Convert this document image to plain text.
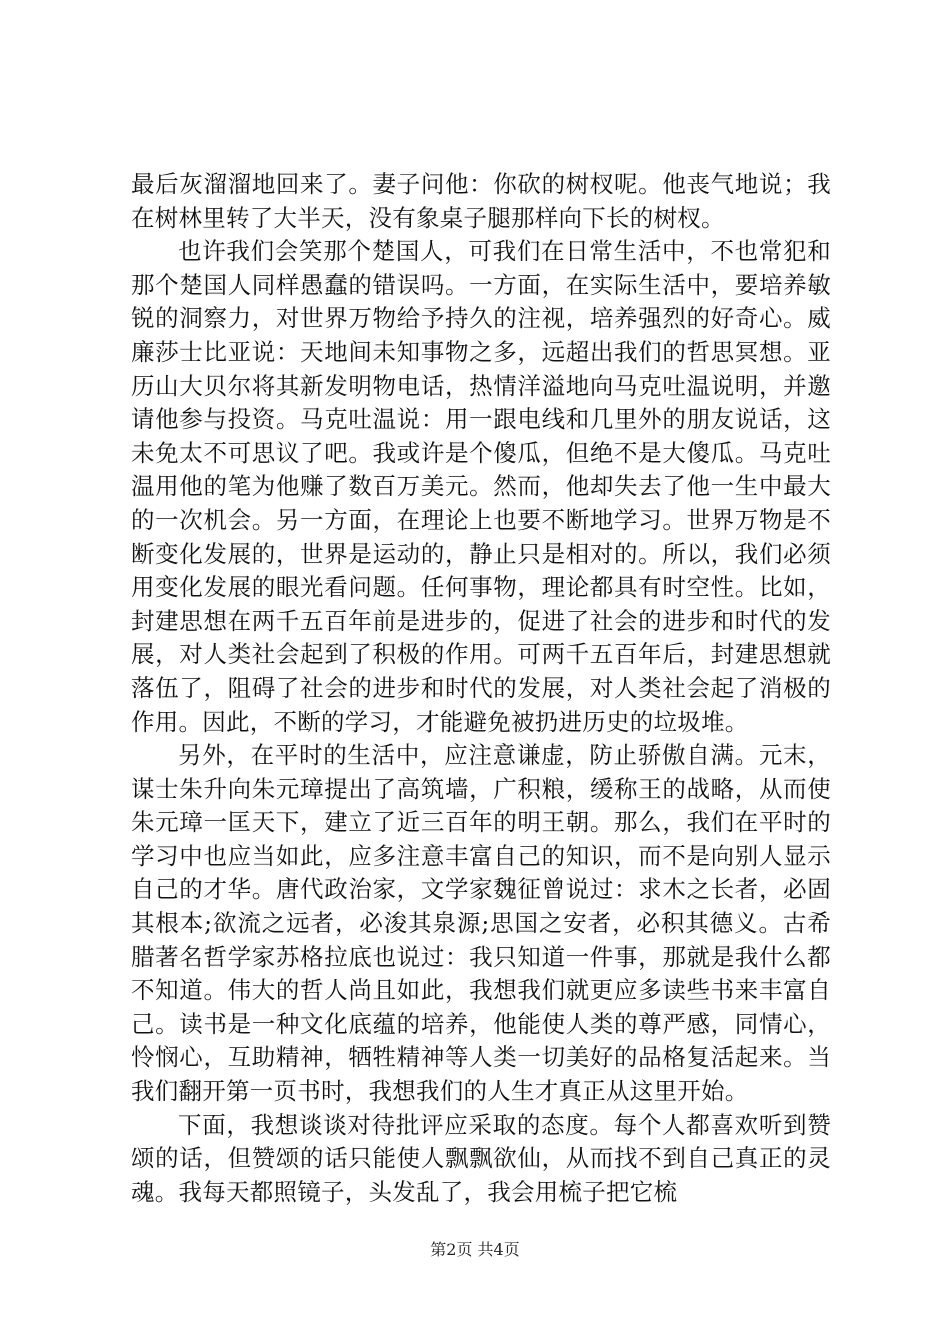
最后灰溜溜地回来了。妻子问他：你砍的树杈呢。他丧气地说；我在树林里转了大半天，没有象桌子腿那样向下长的树杈。

也许我们会笑那个楚国人，可我们在日常生活中，不也常犯和那个楚国人同样愚蠢的错误吗。一方面，在实际生活中，要培养敏锐的洞察力，对世界万物给予持久的注视，培养强烈的好奇心。威廉莎士比亚说：天地间未知事物之多，远超出我们的哲思冥想。亚历山大贝尔将其新发明物电话，热情洋溢地向马克吐温说明，并邀请他参与投资。马克吐温说：用一跟电线和几里外的朋友说话，这未免太不可思议了吧。我或许是个傻瓜，但绝不是大傻瓜。马克吐温用他的笔为他赚了数百万美元。然而，他却失去了他一生中最大的一次机会。另一方面，在理论上也要不断地学习。世界万物是不断变化发展的，世界是运动的，静止只是相对的。所以，我们必须用变化发展的眼光看问题。任何事物，理论都具有时空性。比如，封建思想在两千五百年前是进步的，促进了社会的进步和时代的发展，对人类社会起到了积极的作用。可两千五百年后，封建思想就落伍了，阻碍了社会的进步和时代的发展，对人类社会起了消极的作用。因此，不断的学习，才能避免被扔进历史的垃圾堆。

另外，在平时的生活中，应注意谦虚，防止骄傲自满。元末，谋士朱升向朱元璋提出了高筑墙，广积粮，缓称王的战略，从而使朱元璋一匡天下，建立了近三百年的明王朝。那么，我们在平时的学习中也应当如此，应多注意丰富自己的知识，而不是向别人显示自己的才华。唐代政治家，文学家魏征曾说过：求木之长者，必固其根本;欲流之远者，必浚其泉源;思国之安者，必积其德义。古希腊著名哲学家苏格拉底也说过：我只知道一件事，那就是我什么都不知道。伟大的哲人尚且如此，我想我们就更应多读些书来丰富自己。读书是一种文化底蕴的培养，他能使人类的尊严感，同情心，怜悯心，互助精神，牺牲精神等人类一切美好的品格复活起来。当我们翻开第一页书时，我想我们的人生才真正从这里开始。

下面，我想谈谈对待批评应采取的态度。每个人都喜欢听到赞颂的话，但赞颂的话只能使人飘飘欲仙，从而找不到自己真正的灵魂。我每天都照镜子，头发乱了，我会用梳子把它梳

第2页 共4页
